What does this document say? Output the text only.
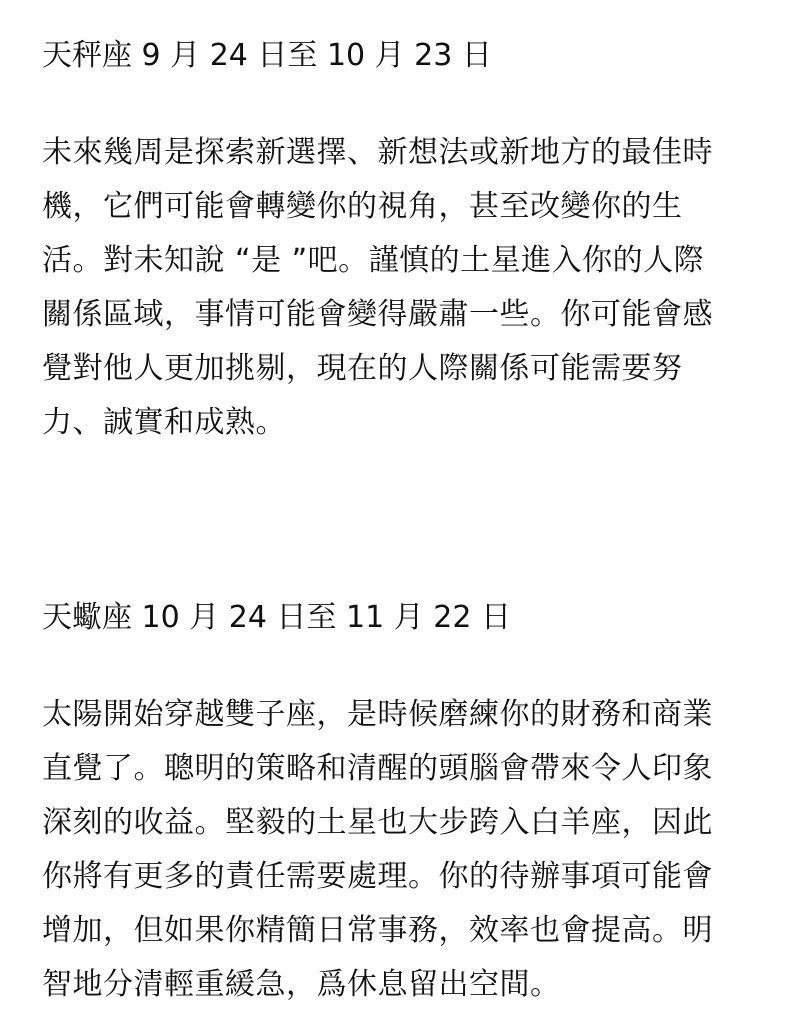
天秤座 9 月 24 日至 10 月 23 日

未來幾周是探索新選擇、新想法或新地方的最佳時
機，它們可能會轉變你的視角，甚至改變你的生
活。對未知說 “是 ”吧。謹慎的土星進入你的人際
關係區域，事情可能會變得嚴肅一些。你可能會感
覺對他人更加挑剔，現在的人際關係可能需要努
力、誠實和成熟。

天蠍座 10 月 24 日至 11 月 22 日

太陽開始穿越雙子座，是時候磨練你的財務和商業
直覺了。聰明的策略和清醒的頭腦會帶來令人印象
深刻的收益。堅毅的土星也大步跨入白羊座，因此
你將有更多的責任需要處理。你的待辦事項可能會
增加，但如果你精簡日常事務，效率也會提高。明
智地分清輕重緩急，爲休息留出空間。
